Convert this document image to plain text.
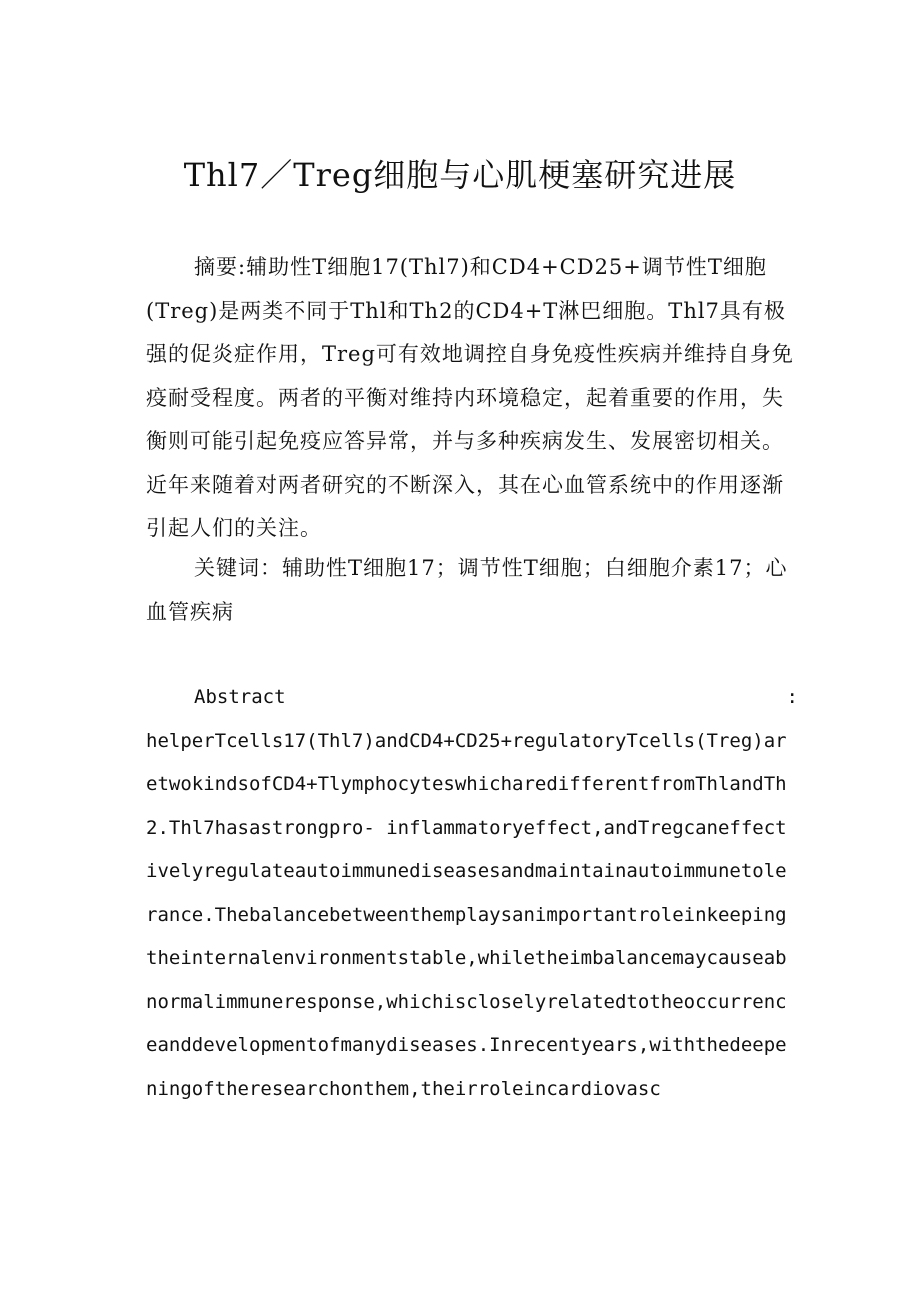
Thl7／Treg细胞与心肌梗塞研究进展

摘要:辅助性T细胞17(Thl7)和CD4+CD25+调节性T细胞(Treg)是两类不同于Thl和Th2的CD4+T淋巴细胞。Thl7具有极强的促炎症作用，Treg可有效地调控自身免疫性疾病并维持自身免疫耐受程度。两者的平衡对维持内环境稳定，起着重要的作用，失衡则可能引起免疫应答异常，并与多种疾病发生、发展密切相关。近年来随着对两者研究的不断深入，其在心血管系统中的作用逐渐引起人们的关注。

关键词：辅助性T细胞17；调节性T细胞；白细胞介素17；心血管疾病

Abstract	:
helperTcells17(Thl7)andCD4+CD25+regulatoryTcells(Treg)aretwokindsofCD4+TlymphocyteswhicharedifferentfromThlandTh2.Thl7hasastrongpro- inflammatoryeffect,andTregcaneffectivelyregulateautoimmunediseasesandmaintainautoimmunetolerance.Thebalancebetweenthemplaysanimportantroleinkeepingtheinternalenvironmentstable,whiletheimbalancemaycauseabnormalimmuneresponse,whichiscloselyrelatedtotheoccurrenceanddevelopmentofmanydiseases.Inrecentyears,withthedeepeningoftheresearchonthem,theirroleincardiovasc
